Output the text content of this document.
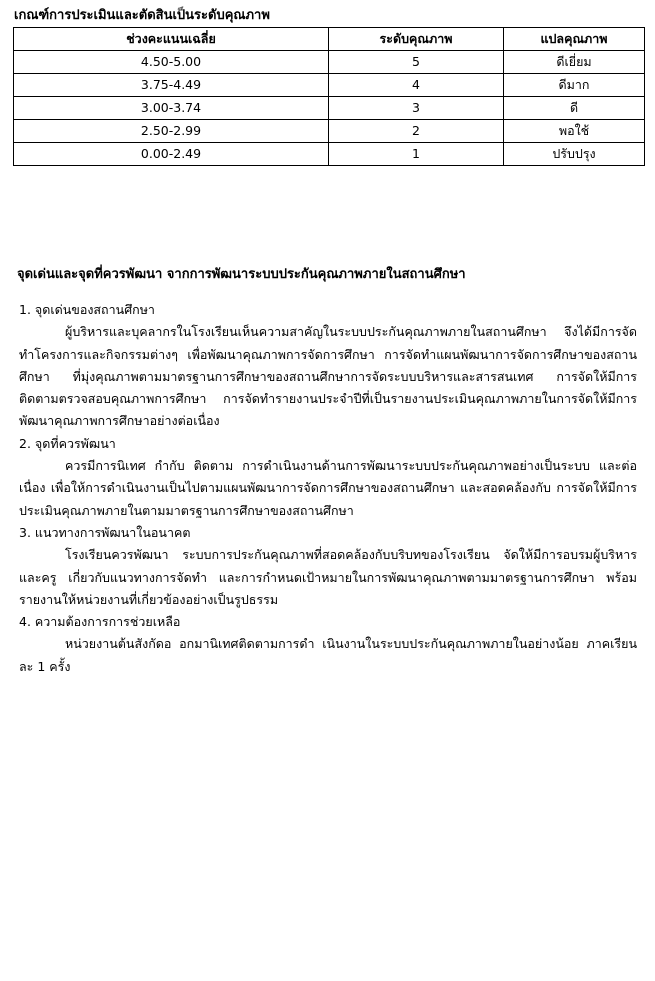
เกณฑ์การประเมินและตัดสินเป็นระดับคุณภาพ
ช่วงคะแนนเฉลี่ย	ระดับคุณภาพ	แปลคุณภาพ
4.50-5.00	5	ดีเยี่ยม
3.75-4.49	4	ดีมาก
3.00-3.74	3	ดี
2.50-2.99	2	พอใช้
0.00-2.49	1	ปรับปรุง
จุดเด่นและจุดที่ควรพัฒนา จากการพัฒนาระบบประกันคุณภาพภายในสถานศึกษา

1. จุดเด่นของสถานศึกษา

ผู้บริหารและบุคลากรในโรงเรียนเห็นความสาคัญในระบบประกันคุณภาพภายในสถานศึกษา จึงได้มีการจัดทำโครงการและกิจกรรมต่างๆ เพื่อพัฒนาคุณภาพการจัดการศึกษา การจัดทำแผนพัฒนาการจัดการศึกษาของสถานศึกษา ที่มุ่งคุณภาพตามมาตรฐานการศึกษาของสถานศึกษาการจัดระบบบริหารและสารสนเทศ การจัดให้มีการติดตามตรวจสอบคุณภาพการศึกษา การจัดทำรายงานประจำปีที่เป็นรายงานประเมินคุณภาพภายในการจัดให้มีการพัฒนาคุณภาพการศึกษาอย่างต่อเนื่อง

2. จุดที่ควรพัฒนา

ควรมีการนิเทศ กำกับ ติดตาม การดำเนินงานด้านการพัฒนาระบบประกันคุณภาพอย่างเป็นระบบ และต่อเนื่อง เพื่อให้การดำเนินงานเป็นไปตามแผนพัฒนาการจัดการศึกษาของสถานศึกษา และสอดคล้องกับ การจัดให้มีการประเมินคุณภาพภายในตามมาตรฐานการศึกษาของสถานศึกษา

3. แนวทางการพัฒนาในอนาคต

โรงเรียนควรพัฒนา ระบบการประกันคุณภาพที่สอดคล้องกับบริบทของโรงเรียน จัดให้มีการอบรมผู้บริหารและครู เกี่ยวกับแนวทางการจัดทำ และการกำหนดเป้าหมายในการพัฒนาคุณภาพตามมาตรฐานการศึกษา พร้อมรายงานให้หน่วยงานที่เกี่ยวข้องอย่างเป็นรูปธรรม

4. ความต้องการการช่วยเหลือ

หน่วยงานต้นสังกัดอ อกมานิเทศติดตามการดำ เนินงานในระบบประกันคุณภาพภายในอย่างน้อย ภาคเรียนละ 1 ครั้ง
